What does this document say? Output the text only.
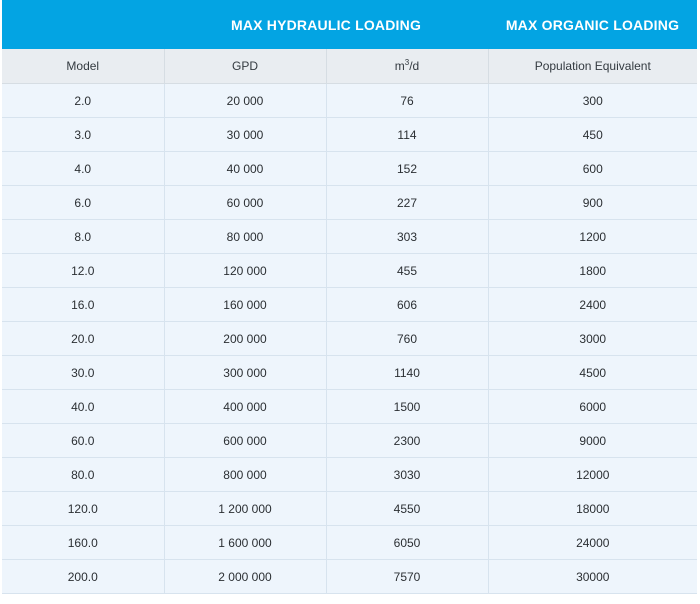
	MAX HYDRAULIC LOADING		MAX ORGANIC LOADING
Model	GPD	$m^3/d$	Population Equivalent
2.0	20 000	76	300
3.0	30 000	114	450
4.0	40 000	152	600
6.0	60 000	227	900
8.0	80 000	303	1200
12.0	120 000	455	1800
16.0	160 000	606	2400
20.0	200 000	760	3000
30.0	300 000	1140	4500
40.0	400 000	1500	6000
60.0	600 000	2300	9000
80.0	800 000	3030	12000
120.0	1 200 000	4550	18000
160.0	1 600 000	6050	24000
200.0	2 000 000	7570	30000
